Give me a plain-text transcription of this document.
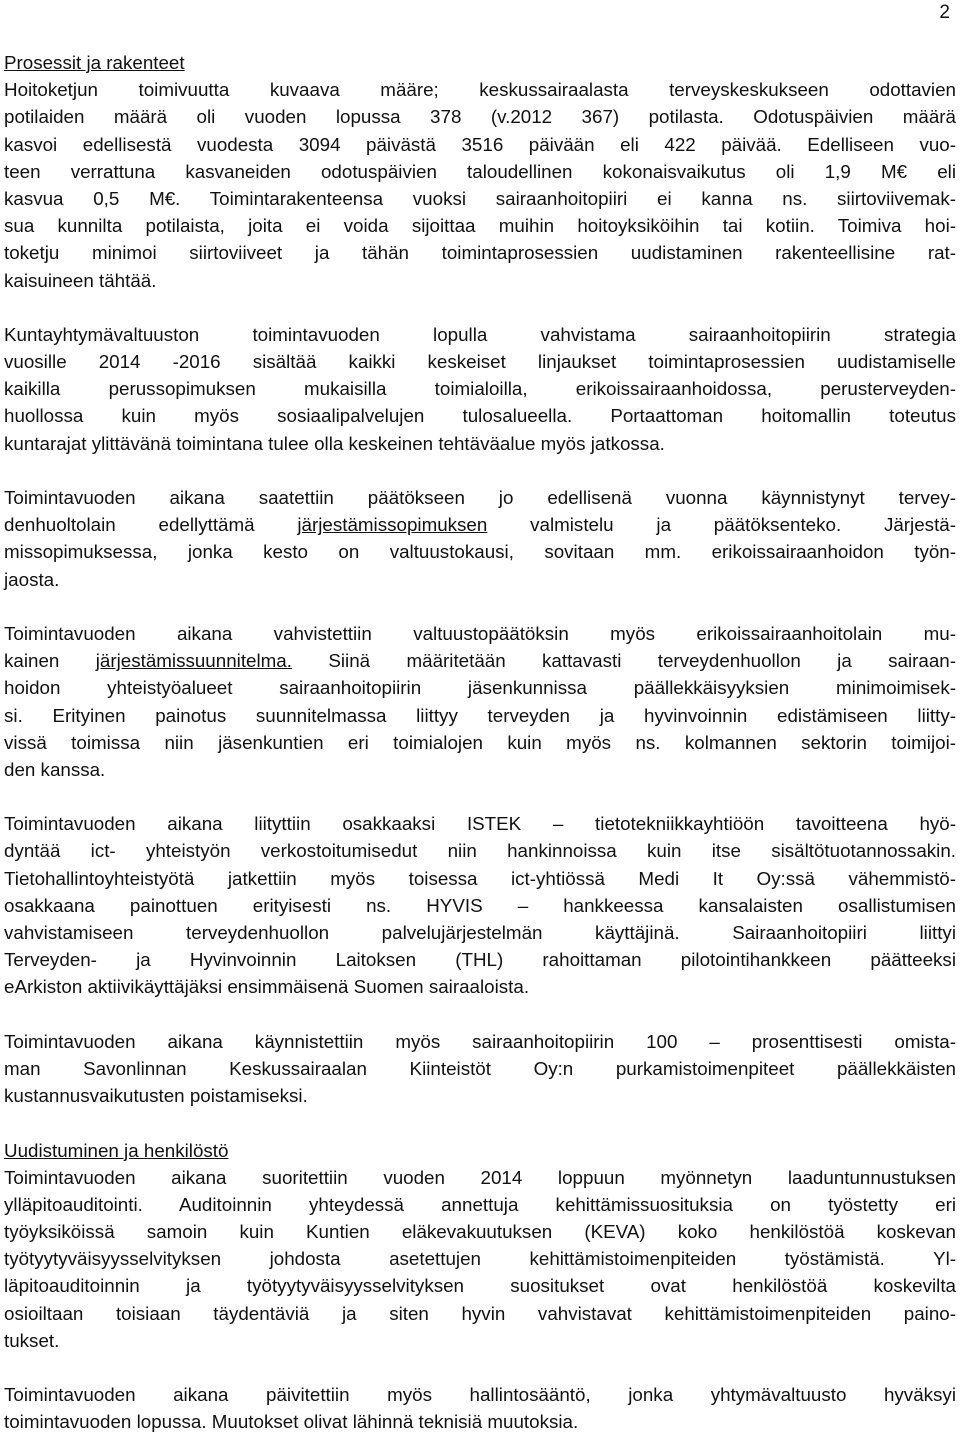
2
Prosessit ja rakenteet
Hoitoketjun toimivuutta kuvaava määre; keskussairaalasta terveyskeskukseen odottavien
potilaiden määrä oli vuoden lopussa 378 (v.2012 367) potilasta. Odotuspäivien määrä
kasvoi edellisestä vuodesta 3094 päivästä 3516 päivään eli 422 päivää. Edelliseen vuo-
teen verrattuna kasvaneiden odotuspäivien taloudellinen kokonaisvaikutus oli 1,9 M€ eli
kasvua 0,5 M€. Toimintarakenteensa vuoksi sairaanhoitopiiri ei kanna ns. siirtoviivemak-
sua kunnilta potilaista, joita ei voida sijoittaa muihin hoitoyksiköihin tai kotiin. Toimiva hoi-
toketju minimoi siirtoviiveet ja tähän toimintaprosessien uudistaminen rakenteellisine rat-
kaisuineen tähtää.
Kuntayhtymävaltuuston toimintavuoden lopulla vahvistama sairaanhoitopiirin strategia
vuosille 2014 -2016 sisältää kaikki keskeiset linjaukset toimintaprosessien uudistamiselle
kaikilla perussopimuksen mukaisilla toimialoilla, erikoissairaanhoidossa, perusterveyden-
huollossa kuin myös sosiaalipalvelujen tulosalueella. Portaattoman hoitomallin toteutus
kuntarajat ylittävänä toimintana tulee olla keskeinen tehtäväalue myös jatkossa.
Toimintavuoden aikana saatettiin päätökseen jo edellisenä vuonna käynnistynyt tervey-
denhuoltolain edellyttämä järjestämissopimuksen valmistelu ja päätöksenteko. Järjestä-
missopimuksessa, jonka kesto on valtuustokausi, sovitaan mm. erikoissairaanhoidon työn-
jaosta.
Toimintavuoden aikana vahvistettiin valtuustopäätöksin myös erikoissairaanhoitolain mu-
kainen järjestämissuunnitelma. Siinä määritetään kattavasti terveydenhuollon ja sairaan-
hoidon yhteistyöalueet sairaanhoitopiirin jäsenkunnissa päällekkäisyyksien minimoimisek-
si. Erityinen painotus suunnitelmassa liittyy terveyden ja hyvinvoinnin edistämiseen liitty-
vissä toimissa niin jäsenkuntien eri toimialojen kuin myös ns. kolmannen sektorin toimijoi-
den kanssa.
Toimintavuoden aikana liityttiin osakkaaksi ISTEK – tietotekniikkayhtiöön tavoitteena hyö-
dyntää ict- yhteistyön verkostoitumisedut niin hankinnoissa kuin itse sisältötuotannossakin.
Tietohallintoyhteistyötä jatkettiin myös toisessa ict-yhtiössä Medi It Oy:ssä vähemmistö-
osakkaana painottuen erityisesti ns. HYVIS – hankkeessa kansalaisten osallistumisen
vahvistamiseen terveydenhuollon palvelujärjestelmän käyttäjinä. Sairaanhoitopiiri liittyi
Terveyden- ja Hyvinvoinnin Laitoksen (THL) rahoittaman pilotointihankkeen päätteeksi
eArkiston aktiivikäyttäjäksi ensimmäisenä Suomen sairaaloista.
Toimintavuoden aikana käynnistettiin myös sairaanhoitopiirin 100 – prosenttisesti omista-
man Savonlinnan Keskussairaalan Kiinteistöt Oy:n purkamistoimenpiteet päällekkäisten
kustannusvaikutusten poistamiseksi.
Uudistuminen ja henkilöstö
Toimintavuoden aikana suoritettiin vuoden 2014 loppuun myönnetyn laaduntunnustuksen
ylläpitoauditointi. Auditoinnin yhteydessä annettuja kehittämissuosituksia on työstetty eri
työyksiköissä samoin kuin Kuntien eläkevakuutuksen (KEVA) koko henkilöstöä koskevan
työtyytyväisyysselvityksen johdosta asetettujen kehittämistoimenpiteiden työstämistä. Yl-
läpitoauditoinnin ja työtyytyväisyysselvityksen suositukset ovat henkilöstöä koskevilta
osioiltaan toisiaan täydentäviä ja siten hyvin vahvistavat kehittämistoimenpiteiden paino-
tukset.
Toimintavuoden aikana päivitettiin myös hallintosääntö, jonka yhtymävaltuusto hyväksyi
toimintavuoden lopussa. Muutokset olivat lähinnä teknisiä muutoksia.
